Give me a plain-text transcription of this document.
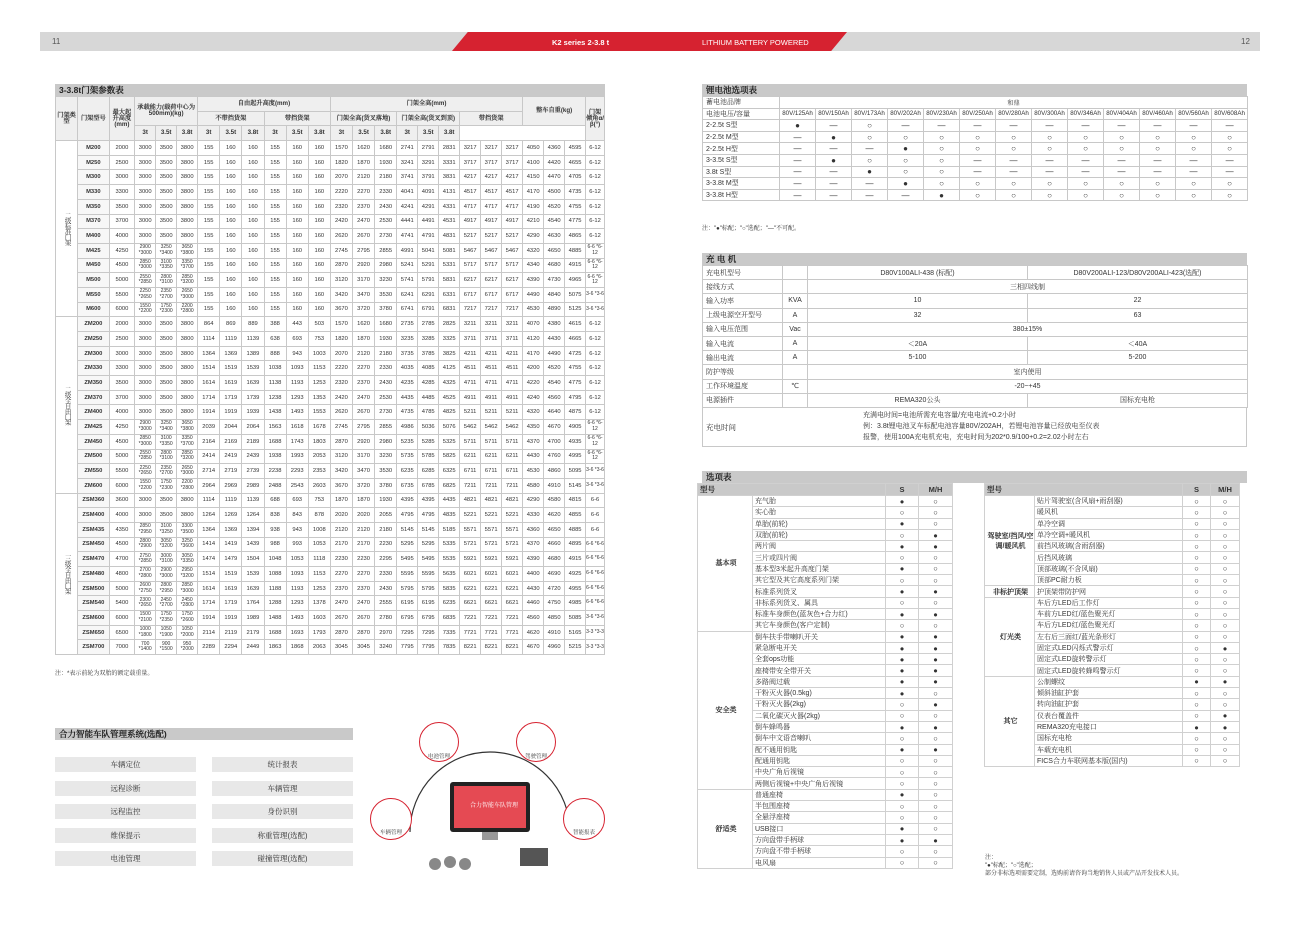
11	12
K2 series 2-3.8 t	LITHIUM BATTERY POWERED
3-3.8t门架参数表
门架类型	门架型号	最大起升高度(mm)	承载能力(载荷中心为500mm)(kg)			自由起升高度(mm)						门架全高(mm)									整车自重(kg)			门架倾角α/β(°)
						不带挡货架			带挡货架			门架全高(货叉落地)			门架全高(货叉到顶)			带挡货架						
			3t	3.5t	3.8t	3t	3.5t	3.8t	3t	3.5t	3.8t	3t	3.5t	3.8t	3t	3.5t	3.8t							
二级标准门架	M200	2000	3000	3500	3800	155	160	160	155	160	160	1570	1620	1680	2741	2791	2831	3217	3217	3217	4050	4360	4595	6-12
	M250	2500	3000	3500	3800	155	160	160	155	160	160	1820	1870	1930	3241	3291	3331	3717	3717	3717	4100	4420	4655	6-12
	M300	3000	3000	3500	3800	155	160	160	155	160	160	2070	2120	2180	3741	3791	3831	4217	4217	4217	4150	4470	4705	6-12
	M330	3300	3000	3500	3800	155	160	160	155	160	160	2220	2270	2330	4041	4091	4131	4517	4517	4517	4170	4500	4735	6-12
	M350	3500	3000	3500	3800	155	160	160	155	160	160	2320	2370	2430	4241	4291	4331	4717	4717	4717	4190	4520	4755	6-12
	M370	3700	3000	3500	3800	155	160	160	155	160	160	2420	2470	2530	4441	4491	4531	4917	4917	4917	4210	4540	4775	6-12
	M400	4000	3000	3500	3800	155	160	160	155	160	160	2620	2670	2730	4741	4791	4831	5217	5217	5217	4290	4630	4865	6-12
	M425	4250	2900 *3000	3250 *3400	3650 *3800	155	160	160	155	160	160	2745	2795	2855	4991	5041	5081	5467	5467	5467	4320	4650	4885	6-6 *6-12
	M450	4500	2850 *3000	3100 *3350	3350 *3700	155	160	160	155	160	160	2870	2920	2980	5241	5291	5331	5717	5717	5717	4340	4680	4915	6-6 *6-12
	M500	5000	2550 *2850	2800 *3100	2850 *3200	155	160	160	155	160	160	3120	3170	3230	5741	5791	5831	6217	6217	6217	4390	4730	4965	6-6 *6-12
	M550	5500	2250 *2650	2350 *2700	2650 *3000	155	160	160	155	160	160	3420	3470	3530	6241	6291	6331	6717	6717	6717	4490	4840	5075	3-6 *3-6
	M600	6000	1550 *2200	1750 *2300	2200 *2800	155	160	160	155	160	160	3670	3720	3780	6741	6791	6831	7217	7217	7217	4530	4890	5125	3-6 *3-6
二级全自由门架	ZM200	2000	3000	3500	3800	864	869	889	388	443	503	1570	1620	1680	2735	2785	2825	3211	3211	3211	4070	4380	4615	6-12
	ZM250	2500	3000	3500	3800	1114	1119	1139	638	693	753	1820	1870	1930	3235	3285	3325	3711	3711	3711	4120	4430	4665	6-12
	ZM300	3000	3000	3500	3800	1364	1369	1389	888	943	1003	2070	2120	2180	3735	3785	3825	4211	4211	4211	4170	4490	4725	6-12
	ZM330	3300	3000	3500	3800	1514	1519	1539	1038	1093	1153	2220	2270	2330	4035	4085	4125	4511	4511	4511	4200	4520	4755	6-12
	ZM350	3500	3000	3500	3800	1614	1619	1639	1138	1193	1253	2320	2370	2430	4235	4285	4325	4711	4711	4711	4220	4540	4775	6-12
	ZM370	3700	3000	3500	3800	1714	1719	1739	1238	1293	1353	2420	2470	2530	4435	4485	4525	4911	4911	4911	4240	4560	4795	6-12
	ZM400	4000	3000	3500	3800	1914	1919	1939	1438	1493	1553	2620	2670	2730	4735	4785	4825	5211	5211	5211	4320	4640	4875	6-12
	ZM425	4250	2900 *3000	3250 *3400	3650 *3800	2039	2044	2064	1563	1618	1678	2745	2795	2855	4986	5036	5076	5462	5462	5462	4350	4670	4905	6-6 *6-12
	ZM450	4500	2850 *3000	3100 *3350	3350 *3700	2164	2169	2189	1688	1743	1803	2870	2920	2980	5235	5285	5325	5711	5711	5711	4370	4700	4935	6-6 *6-12
	ZM500	5000	2550 *2850	2800 *3100	2850 *3200	2414	2419	2439	1938	1993	2053	3120	3170	3230	5735	5785	5825	6211	6211	6211	4430	4760	4995	6-6 *6-12
	ZM550	5500	2250 *2650	2350 *2700	2650 *3000	2714	2719	2739	2238	2293	2353	3420	3470	3530	6235	6285	6325	6711	6711	6711	4530	4860	5095	3-6 *3-6
	ZM600	6000	1550 *2200	1750 *2300	2200 *2800	2964	2969	2989	2488	2543	2603	3670	3720	3780	6735	6785	6825	7211	7211	7211	4580	4910	5145	3-6 *3-6
三级全自由门架	ZSM360	3600	3000	3500	3800	1114	1119	1139	688	693	753	1870	1870	1930	4395	4395	4435	4821	4821	4821	4290	4580	4815	6-6
	ZSM400	4000	3000	3500	3800	1264	1269	1264	838	843	878	2020	2020	2055	4795	4795	4835	5221	5221	5221	4330	4620	4855	6-6
	ZSM435	4350	2850 *2950	3100 *3250	3300 *3500	1364	1369	1394	938	943	1008	2120	2120	2180	5145	5145	5185	5571	5571	5571	4360	4650	4885	6-6
	ZSM450	4500	2800 *2900	3050 *3200	3250 *3600	1414	1419	1439	988	993	1053	2170	2170	2230	5295	5295	5335	5721	5721	5721	4370	4660	4895	6-6 *6-6
	ZSM470	4700	2750 *2850	3000 *3100	3050 *3350	1474	1479	1504	1048	1053	1118	2230	2230	2295	5495	5495	5535	5921	5921	5921	4390	4680	4915	6-6 *6-6
	ZSM480	4800	2700 *2800	2900 *3000	2950 *3200	1514	1519	1539	1088	1093	1153	2270	2270	2330	5595	5595	5635	6021	6021	6021	4400	4690	4925	6-6 *6-6
	ZSM500	5000	2600 *2750	2800 *2950	2850 *3000	1614	1619	1639	1188	1193	1253	2370	2370	2430	5795	5795	5835	6221	6221	6221	4430	4720	4955	6-6 *6-6
	ZSM540	5400	2300 *2650	2450 *2700	2450 *2800	1714	1719	1764	1288	1293	1378	2470	2470	2555	6195	6195	6235	6621	6621	6621	4460	4750	4985	6-6 *6-6
	ZSM600	6000	1500 *2100	1750 *2350	1750 *2600	1914	1919	1989	1488	1493	1603	2670	2670	2780	6795	6795	6835	7221	7221	7221	4560	4850	5085	3-6 *3-6
	ZSM650	6500	1000 *1800	1050 *1900	1050 *2000	2114	2119	2179	1688	1693	1793	2870	2870	2970	7295	7295	7335	7721	7721	7721	4620	4910	5165	3-3 *3-3
	ZSM700	7000	700 *1400	900 *1500	950 *2000	2289	2294	2449	1863	1868	2063	3045	3045	3240	7795	7795	7835	8221	8221	8221	4670	4960	5215	3-3 *3-3
注：*表示前轮为双胎的额定载重量。
合力智能车队管理系统(选配)
电池管理	驾驶管理
车辆管理	智能报表
合力智能车队管理
锂电池选项表
蓄电池品牌	和鼎												
电池电压/容量	80V/125Ah	80V/150Ah	80V/173Ah	80V/202Ah	80V/230Ah	80V/250Ah	80V/280Ah	80V/300Ah	80V/346Ah	80V/404Ah	80V/460Ah	80V/560Ah	80V/608Ah
2-2.5t S型	●	—	○	—	—	—	—	—	—	—	—	—	—
2-2.5t M型	—	●	○	○	○	○	○	○	○	○	○	○	○
2-2.5t H型	—	—	—	●	○	○	○	○	○	○	○	○	○
3-3.5t S型	—	●	○	○	○	—	—	—	—	—	—	—	—
3.8t S型	—	—	●	○	○	—	—	—	—	—	—	—	—
3-3.8t M型	—	—	—	●	○	○	○	○	○	○	○	○	○
3-3.8t H型	—	—	—	—	●	○	○	○	○	○	○	○	○
注："●"标配；"○"选配；"—"不可配。
充 电 机
充电机型号		D80V100ALI-438 (标配)	D80V200ALI-123/D80V200ALI-423(选配)
接线方式		三相四线制	
输入功率	KVA	10	22
上级电源空开型号	A	32	63
输入电压范围	Vac	380±15%	
输入电流	A	＜20A	＜40A
输出电流	A	5-100	5-200
防护等级		室内使用	
工作环境温度	℃	-20~+45	
电源插件		REMA320公头	国标充电枪
充电时间
充满电时间=电池所需充电容量/充电电流+0.2小时
例：3.8t锂电池叉车标配电池容量80V/202AH，若锂电池容量已经放电至仪表
报警，使用100A充电机充电，充电时间为202*0.9/100+0.2=2.02小时左右
选项表
型号		S	M/H
基本项	充气胎	●	○
	实心胎	○	○
	单胎(前轮)	●	○
	双胎(前轮)	○	●
	两片阀	●	●
	三片或四片阀	○	○
	基本型3米起升高度门架	●	○
	其它型及其它高度系列门架	○	○
	标准系列货叉	●	●
	非标系列货叉、属具	○	○
	标准车身颜色(蓝灰色+合力红)	●	●
	其它车身颜色(客户定制)	○	○
安全类	倒车扶手带喇叭开关	●	●
	紧急断电开关	●	●
	全套ops功能	●	●
	座椅带安全带开关	●	●
	多路阀过载	●	●
	干粉灭火器(0.5kg)	●	○
	干粉灭火器(2kg)	○	●
	二氧化碳灭火器(2kg)	○	○
	倒车蜂鸣器	●	●
	倒车中文语音喇叭	○	○
	配不通用钥匙	●	●
	配通用钥匙	○	○
	中央广角后视镜	○	○
	两侧后视镜+中央广角后视镜	○	○
舒适类	普通座椅	●	○
	半包围座椅	○	○
	全悬浮座椅	○	○
	USB接口	●	○
	方向盘带手柄球	●	●
	方向盘不带手柄球	○	○
	电风扇	○	○
型号		S	M/H
驾驶室/挡风/空调/暖风机	贴片驾驶室(含风扇+雨刮器)	○	○
	暖风机	○	○
	单冷空调	○	○
	单冷空调+暖风机	○	○
	前挡风玻璃(含雨刮器)	○	○
	后挡风玻璃	○	○
	顶部玻璃(不含风扇)	○	○
	顶部PC耐力板	○	○
非标护顶架	护顶架带防护网	○	○
灯光类	车后方LED后工作灯	○	○
	车前方LED红/蓝色聚光灯	○	○
	车后方LED红/蓝色聚光灯	○	○
	左右后三面红/蓝光条形灯	○	○
	固定式LED闪烁式警示灯	○	●
	固定式LED旋转警示灯	○	○
	固定式LED旋转蜂鸣警示灯	○	○
其它	公制螺纹	●	●
	倾斜油缸护套	○	○
	转向油缸护套	○	○
	仪表台覆盖件	○	●
	REMA320充电接口	●	●
	国标充电枪	○	○
	车载充电机	○	○
	FICS合力车联网基本版(国内)	○	○
注：
"●"标配；"○"选配；
部分非标选项需要定制，选购前请咨询当地销售人员或产品开发技术人员。
车辆定位	统计报表
远程诊断	车辆管理
远程监控	身份识别
维保提示	称重管理(选配)
电池管理	碰撞管理(选配)
